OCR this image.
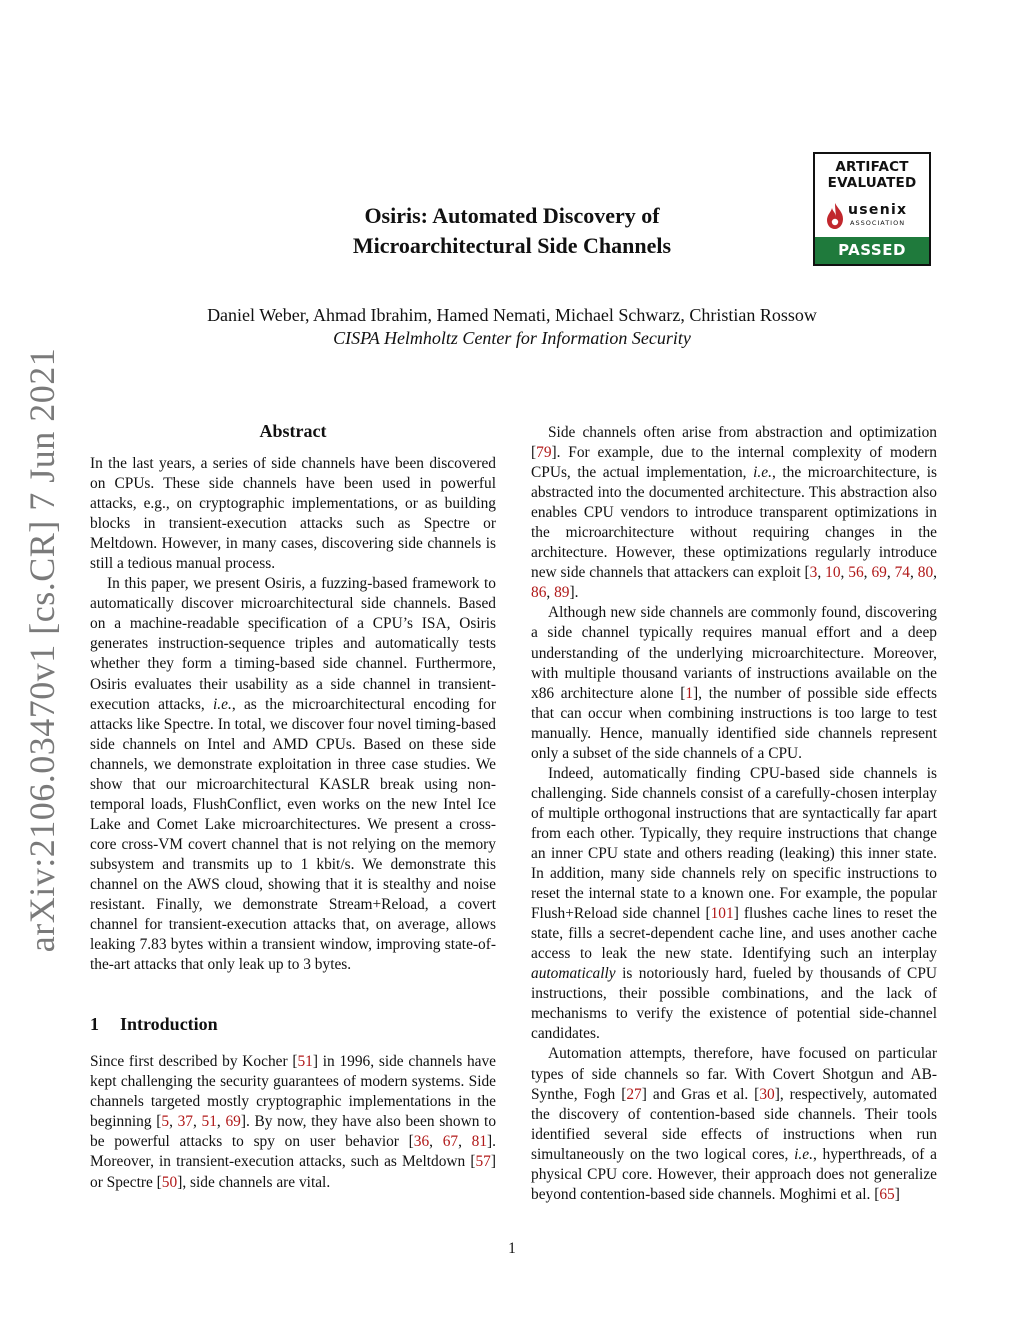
arXiv:2106.03470v1 [cs.CR] 7 Jun 2021
ARTIFACT
EVALUATED
usenix
ASSOCIATION
PASSED
Osiris: Automated Discovery of
Microarchitectural Side Channels
Daniel Weber, Ahmad Ibrahim, Hamed Nemati, Michael Schwarz, Christian Rossow
CISPA Helmholtz Center for Information Security
Abstract

In the last years, a series of side channels have been discovered on CPUs. These side channels have been used in powerful attacks, e.g., on cryptographic implementations, or as building blocks in transient-execution attacks such as Spectre or Meltdown. However, in many cases, discovering side channels is still a tedious manual process.

In this paper, we present Osiris, a fuzzing-based framework to automatically discover microarchitectural side channels. Based on a machine-readable specification of a CPU’s ISA, Osiris generates instruction-sequence triples and automatically tests whether they form a timing-based side channel. Furthermore, Osiris evaluates their usability as a side channel in transient-execution attacks, i.e., as the microarchitectural encoding for attacks like Spectre. In total, we discover four novel timing-based side channels on Intel and AMD CPUs. Based on these side channels, we demonstrate exploitation in three case studies. We show that our microarchitectural KASLR break using non-temporal loads, FlushConflict, even works on the new Intel Ice Lake and Comet Lake microarchitectures. We present a cross-core cross-VM covert channel that is not relying on the memory subsystem and transmits up to 1 kbit/s. We demonstrate this channel on the AWS cloud, showing that it is stealthy and noise resistant. Finally, we demonstrate Stream+Reload, a covert channel for transient-execution attacks that, on average, allows leaking 7.83 bytes within a transient window, improving state-of-the-art attacks that only leak up to 3 bytes.

1 Introduction

Since first described by Kocher [51] in 1996, side channels have kept challenging the security guarantees of modern systems. Side channels targeted mostly cryptographic implementations in the beginning [5, 37, 51, 69]. By now, they have also been shown to be powerful attacks to spy on user behavior [36, 67, 81]. Moreover, in transient-execution attacks, such as Meltdown [57] or Spectre [50], side channels are vital.

Side channels often arise from abstraction and optimization [79]. For example, due to the internal complexity of modern CPUs, the actual implementation, i.e., the microarchitecture, is abstracted into the documented architecture. This abstraction also enables CPU vendors to introduce transparent optimizations in the microarchitecture without requiring changes in the architecture. However, these optimizations regularly introduce new side channels that attackers can exploit [3, 10, 56, 69, 74, 80, 86, 89].

Although new side channels are commonly found, discovering a side channel typically requires manual effort and a deep understanding of the underlying microarchitecture. Moreover, with multiple thousand variants of instructions available on the x86 architecture alone [1], the number of possible side effects that can occur when combining instructions is too large to test manually. Hence, manually identified side channels represent only a subset of the side channels of a CPU.

Indeed, automatically finding CPU-based side channels is challenging. Side channels consist of a carefully-chosen interplay of multiple orthogonal instructions that are syntactically far apart from each other. Typically, they require instructions that change an inner CPU state and others reading (leaking) this inner state. In addition, many side channels rely on specific instructions to reset the internal state to a known one. For example, the popular Flush+Reload side channel [101] flushes cache lines to reset the state, fills a secret-dependent cache line, and uses another cache access to leak the new state. Identifying such an interplay automatically is notoriously hard, fueled by thousands of CPU instructions, their possible combinations, and the lack of mechanisms to verify the existence of potential side-channel candidates.

Automation attempts, therefore, have focused on particular types of side channels so far. With Covert Shotgun and AB-Synthe, Fogh [27] and Gras et al. [30], respectively, automated the discovery of contention-based side channels. Their tools identified several side effects of instructions when run simultaneously on the two logical cores, i.e., hyperthreads, of a physical CPU core. However, their approach does not generalize beyond contention-based side channels. Moghimi et al. [65]

1
